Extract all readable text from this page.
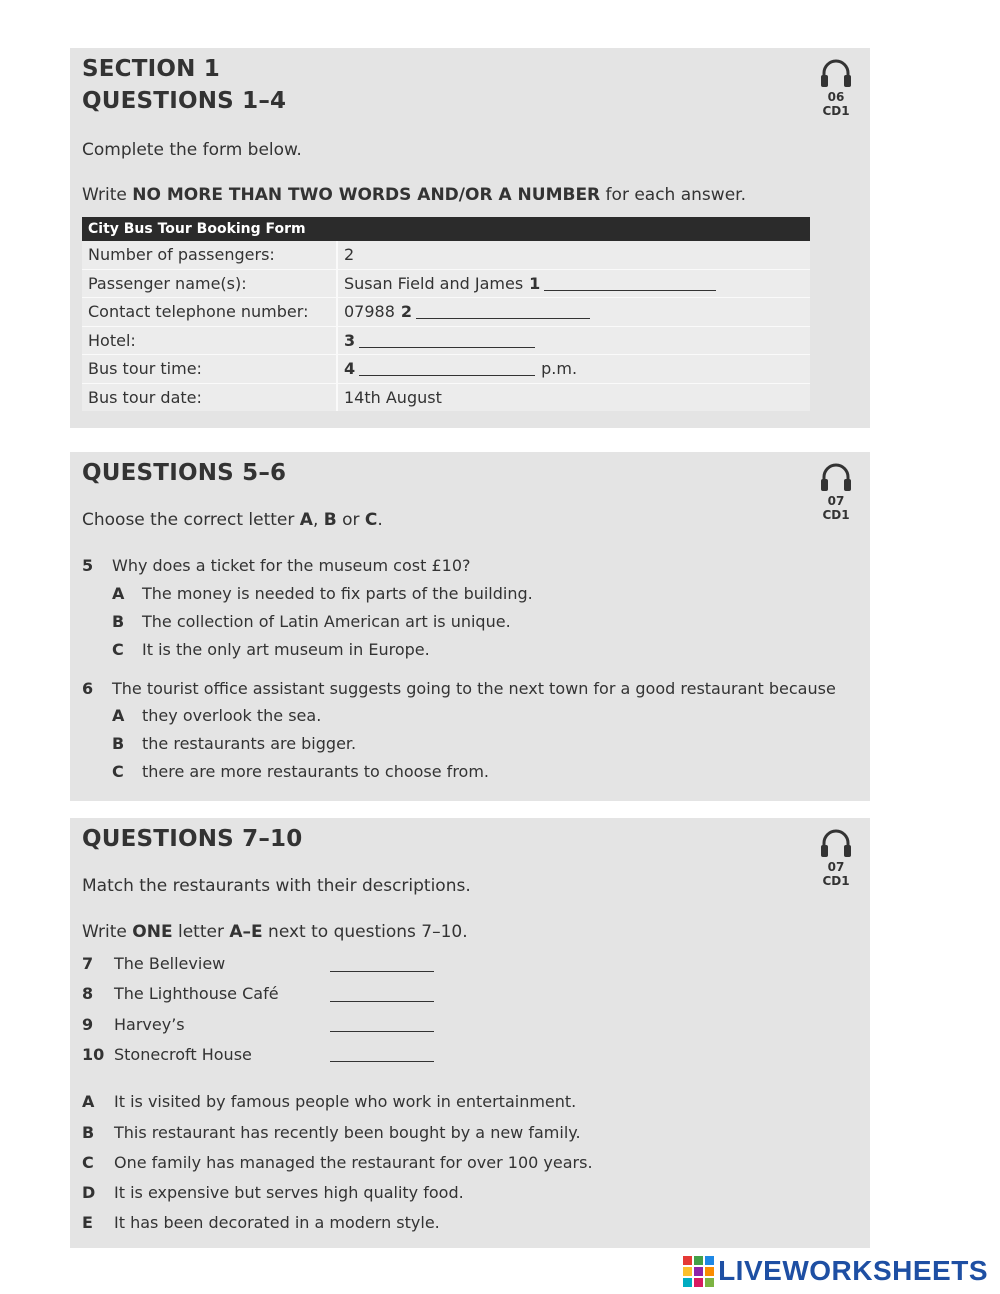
SECTION 1
QUESTIONS 1–4	06
CD1

Complete the form below.

Write NO MORE THAN TWO WORDS AND/OR A NUMBER for each answer.

City Bus Tour Booking Form
Number of passengers:	2
Passenger name(s):	Susan Field and James 1
Contact telephone number:	07988 2
Hotel:	3
Bus tour time:	4	p.m.
Bus tour date:	14th August
QUESTIONS 5–6
07
CD1

Choose the correct letter A, B or C.

5 Why does a ticket for the museum cost £10?
A The money is needed to fix parts of the building.
B The collection of Latin American art is unique.
C It is the only art museum in Europe.
6 The tourist office assistant suggests going to the next town for a good restaurant because
A they overlook the sea.
B the restaurants are bigger.
C there are more restaurants to choose from.
QUESTIONS 7–10
07
CD1

Match the restaurants with their descriptions.

Write ONE letter A–E next to questions 7–10.

7 The Belleview
8 The Lighthouse Café
9 Harvey’s
10 Stonecroft House
A It is visited by famous people who work in entertainment.
B This restaurant has recently been bought by a new family.
C One family has managed the restaurant for over 100 years.
D It is expensive but serves high quality food.
E It has been decorated in a modern style.
LIVEWORKSHEETS
